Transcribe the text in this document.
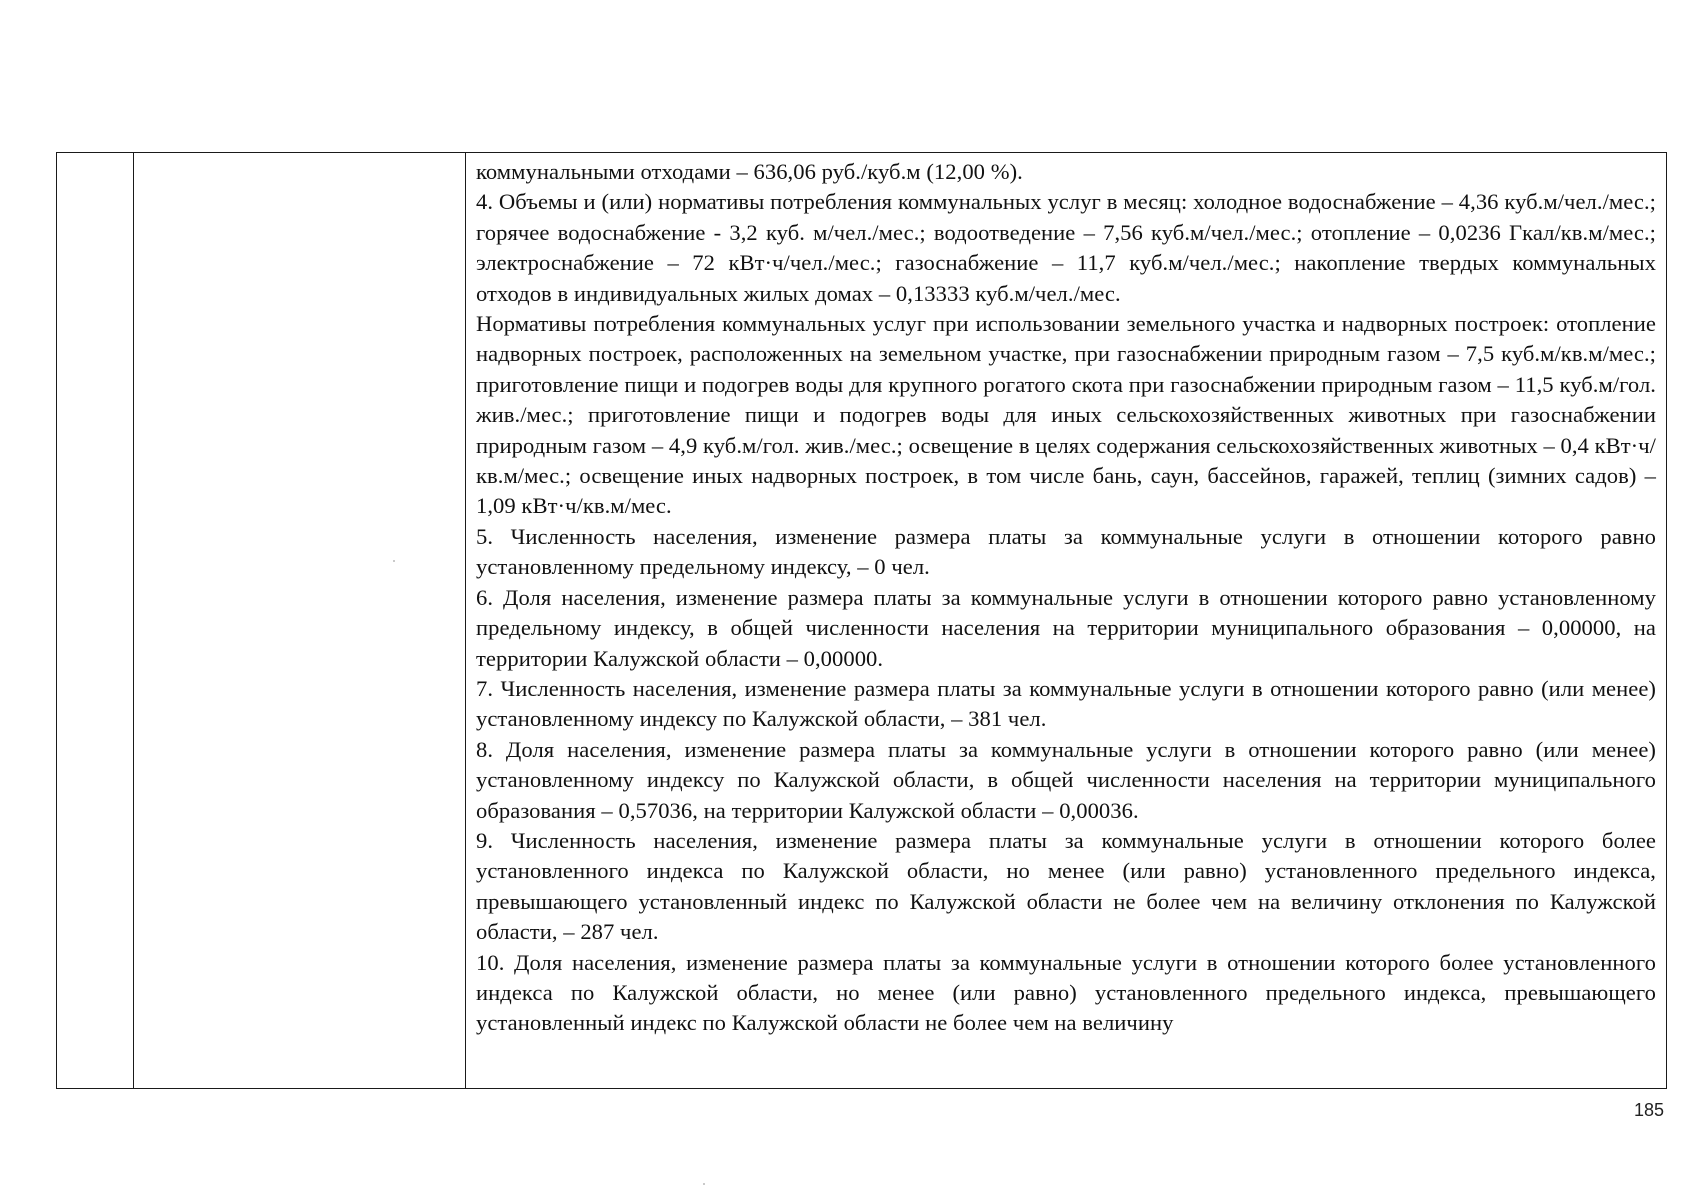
коммунальными отходами – 636,06 руб./куб.м (12,00 %).

4. Объемы и (или) нормативы потребления коммунальных услуг в месяц: холодное водоснабжение – 4,36 куб.м/чел./мес.; горячее водоснабжение - 3,2 куб. м/чел./мес.; водоотведение – 7,56 куб.м/чел./мес.; отопление – 0,0236 Гкал/кв.м/мес.; электроснабжение – 72 кВт·ч/чел./мес.; газоснабжение – 11,7 куб.м/чел./мес.; накопление твердых коммунальных отходов в индивидуальных жилых домах – 0,13333 куб.м/чел./мес.

Нормативы потребления коммунальных услуг при использовании земельного участка и надворных построек: отопление надворных построек, расположенных на земельном участке, при газоснабжении природным газом – 7,5 куб.м/кв.м/мес.; приготовление пищи и подогрев воды для крупного рогатого скота при газоснабжении природным газом – 11,5 куб.м/гол. жив./мес.; приготовление пищи и подогрев воды для иных сельскохозяйственных животных при газоснабжении природным газом – 4,9 куб.м/гол. жив./мес.; освещение в целях содержания сельскохозяйственных животных – 0,4 кВт·ч/кв.м/мес.; освещение иных надворных построек, в том числе бань, саун, бассейнов, гаражей, теплиц (зимних садов) – 1,09 кВт·ч/кв.м/мес.

5. Численность населения, изменение размера платы за коммунальные услуги в отношении которого равно установленному предельному индексу, – 0 чел.

6. Доля населения, изменение размера платы за коммунальные услуги в отношении которого равно установленному предельному индексу, в общей численности населения на территории муниципального образования – 0,00000, на территории Калужской области – 0,00000.

7. Численность населения, изменение размера платы за коммунальные услуги в отношении которого равно (или менее) установленному индексу по Калужской области, – 381 чел.

8. Доля населения, изменение размера платы за коммунальные услуги в отношении которого равно (или менее) установленному индексу по Калужской области, в общей численности населения на территории муниципального образования – 0,57036, на территории Калужской области – 0,00036.

9. Численность населения, изменение размера платы за коммунальные услуги в отношении которого более установленного индекса по Калужской области, но менее (или равно) установленного предельного индекса, превышающего установленный индекс по Калужской области не более чем на величину отклонения по Калужской области, – 287 чел.

10. Доля населения, изменение размера платы за коммунальные услуги в отношении которого более установленного индекса по Калужской области, но менее (или равно) установленного предельного индекса, превышающего установленный индекс по Калужской области не более чем на величину

185
